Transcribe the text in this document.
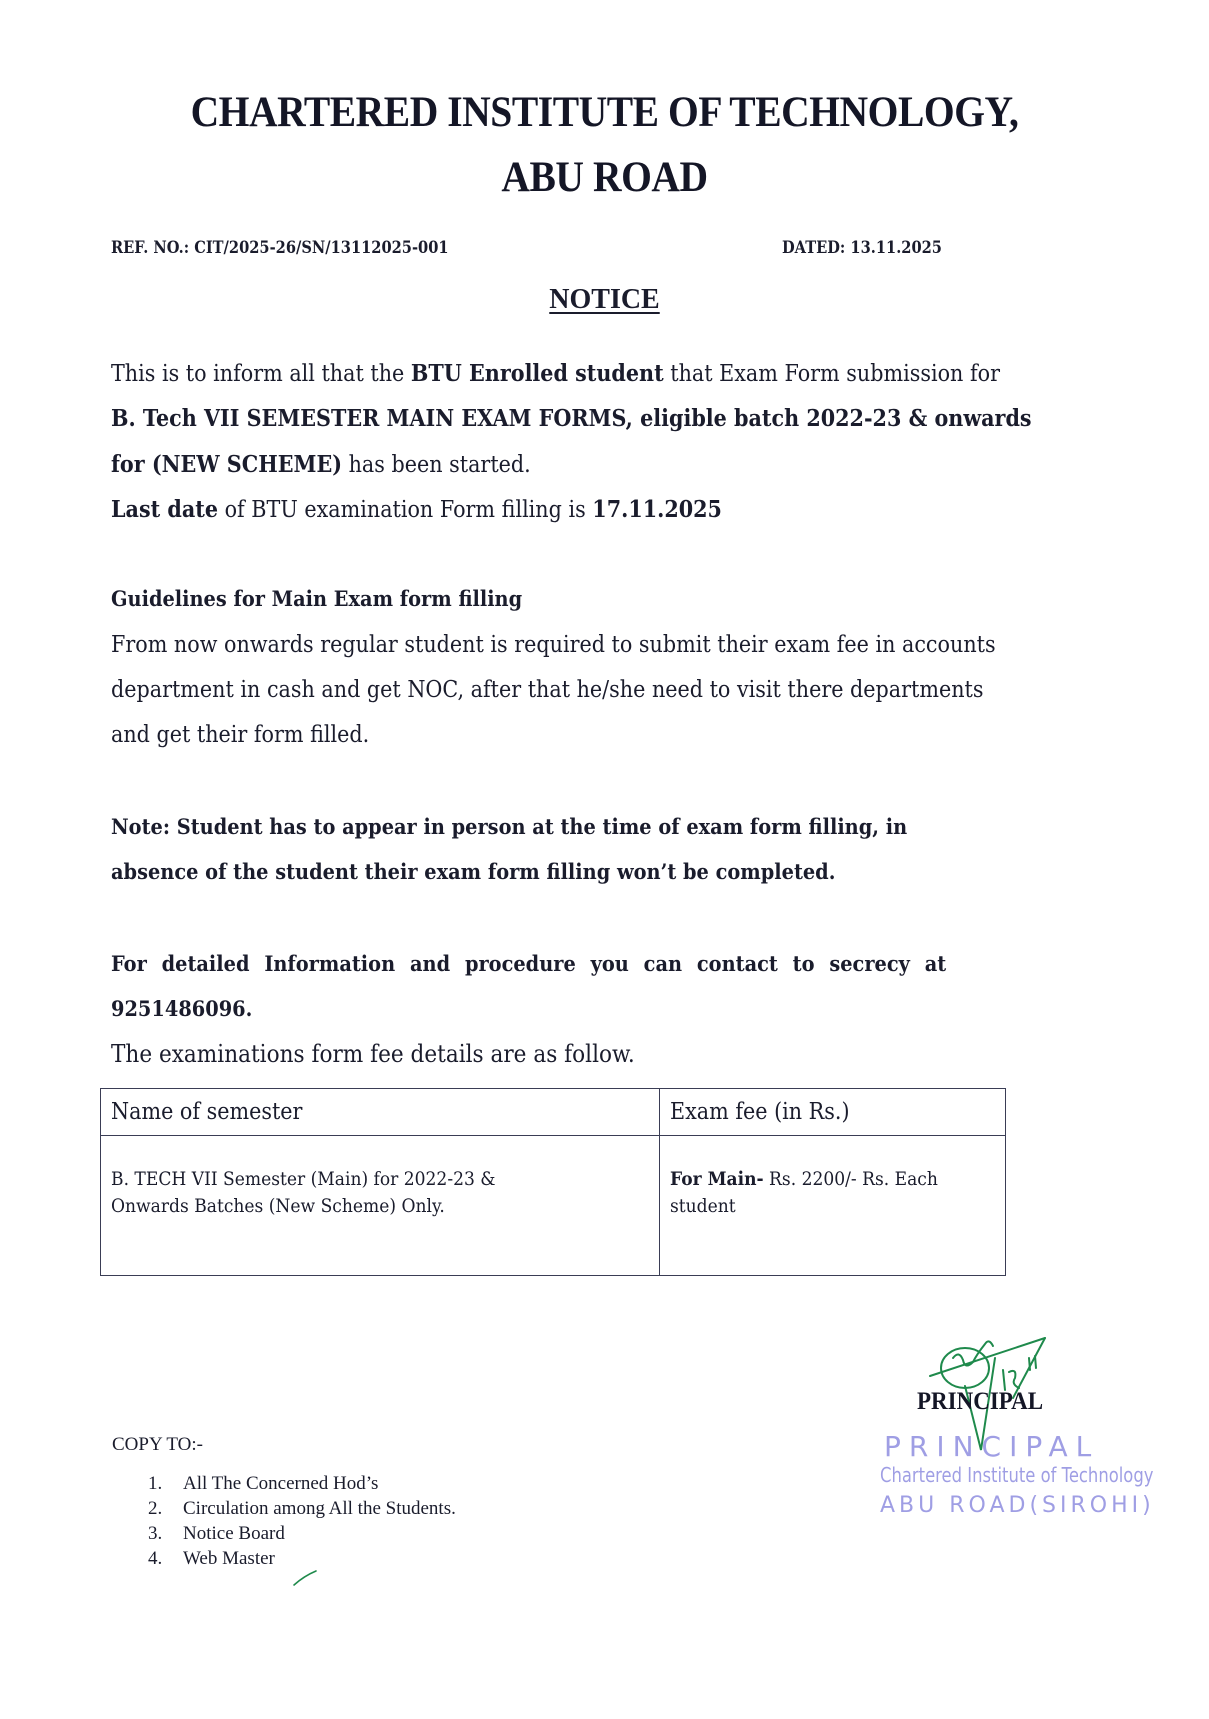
CHARTERED INSTITUTE OF TECHNOLOGY,
ABU ROAD
REF. NO.: CIT/2025-26/SN/13112025-001	DATED: 13.11.2025
NOTICE
This is to inform all that the BTU Enrolled student that Exam Form submission for
B. Tech VII SEMESTER MAIN EXAM FORMS, eligible batch 2022-23 & onwards
for (NEW SCHEME) has been started.
Last date of BTU examination Form filling is 17.11.2025
Guidelines for Main Exam form filling
From now onwards regular student is required to submit their exam fee in accounts
department in cash and get NOC, after that he/she need to visit there departments
and get their form filled.
Note: Student has to appear in person at the time of exam form filling, in
absence of the student their exam form filling won’t be completed.
For detailed Information and procedure you can contact to secrecy at
9251486096.
The examinations form fee details are as follow.
Name of semester	Exam fee (in Rs.)
B. TECH VII Semester (Main) for 2022-23 &
Onwards Batches (New Scheme) Only.	For Main- Rs. 2200/- Rs. Each
student
PRINCIPAL
PRINCIPAL
Chartered Institute of Technology
ABU ROAD(SIROHI)
COPY TO:-
1. All The Concerned Hod’s
2. Circulation among All the Students.
3. Notice Board
4. Web Master
